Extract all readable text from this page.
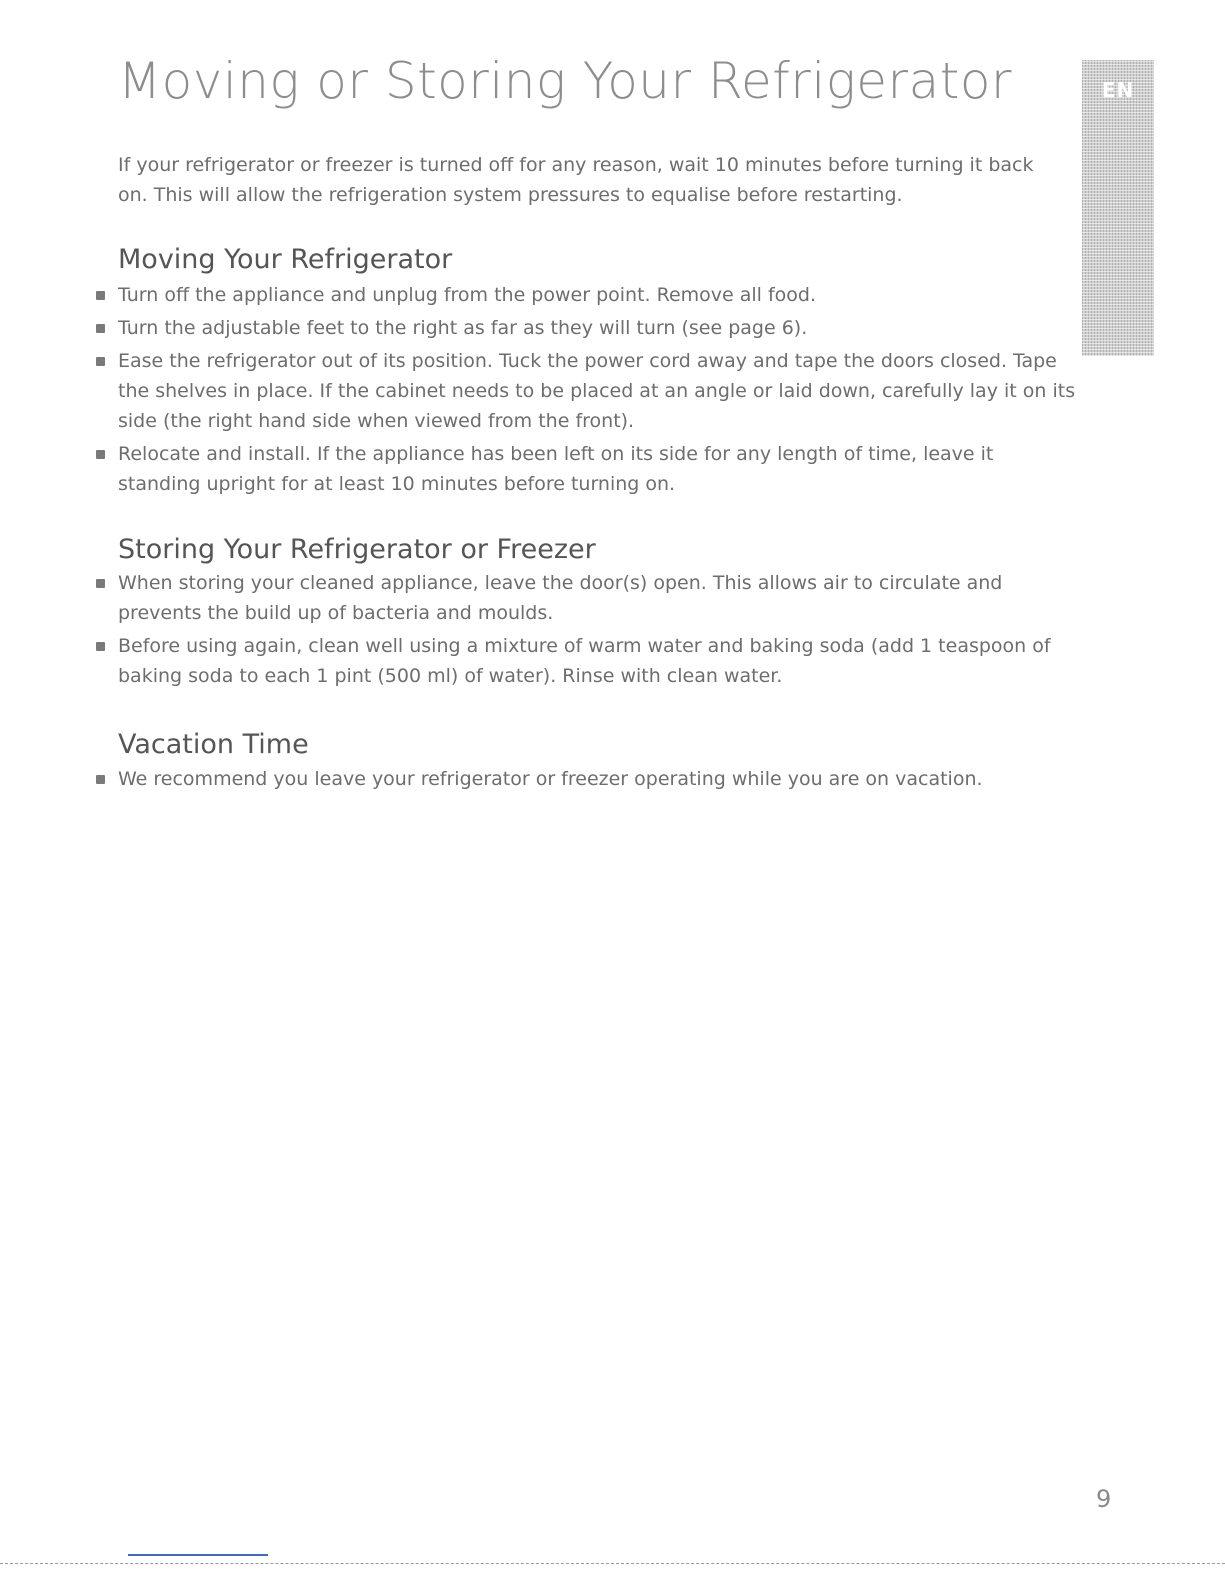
Moving or Storing Your Refrigerator	EN

If your refrigerator or freezer is turned off for any reason, wait 10 minutes before turning it back on. This will allow the refrigeration system pressures to equalise before restarting.

Moving Your Refrigerator
Turn off the appliance and unplug from the power point. Remove all food.
Turn the adjustable feet to the right as far as they will turn (see page 6).
Ease the refrigerator out of its position. Tuck the power cord away and tape the doors closed. Tape the shelves in place. If the cabinet needs to be placed at an angle or laid down, carefully lay it on its side (the right hand side when viewed from the front).
Relocate and install. If the appliance has been left on its side for any length of time, leave it standing upright for at least 10 minutes before turning on.
Storing Your Refrigerator or Freezer
When storing your cleaned appliance, leave the door(s) open. This allows air to circulate and prevents the build up of bacteria and moulds.
Before using again, clean well using a mixture of warm water and baking soda (add 1 teaspoon of baking soda to each 1 pint (500 ml) of water). Rinse with clean water.
Vacation Time
We recommend you leave your refrigerator or freezer operating while you are on vacation.
9
